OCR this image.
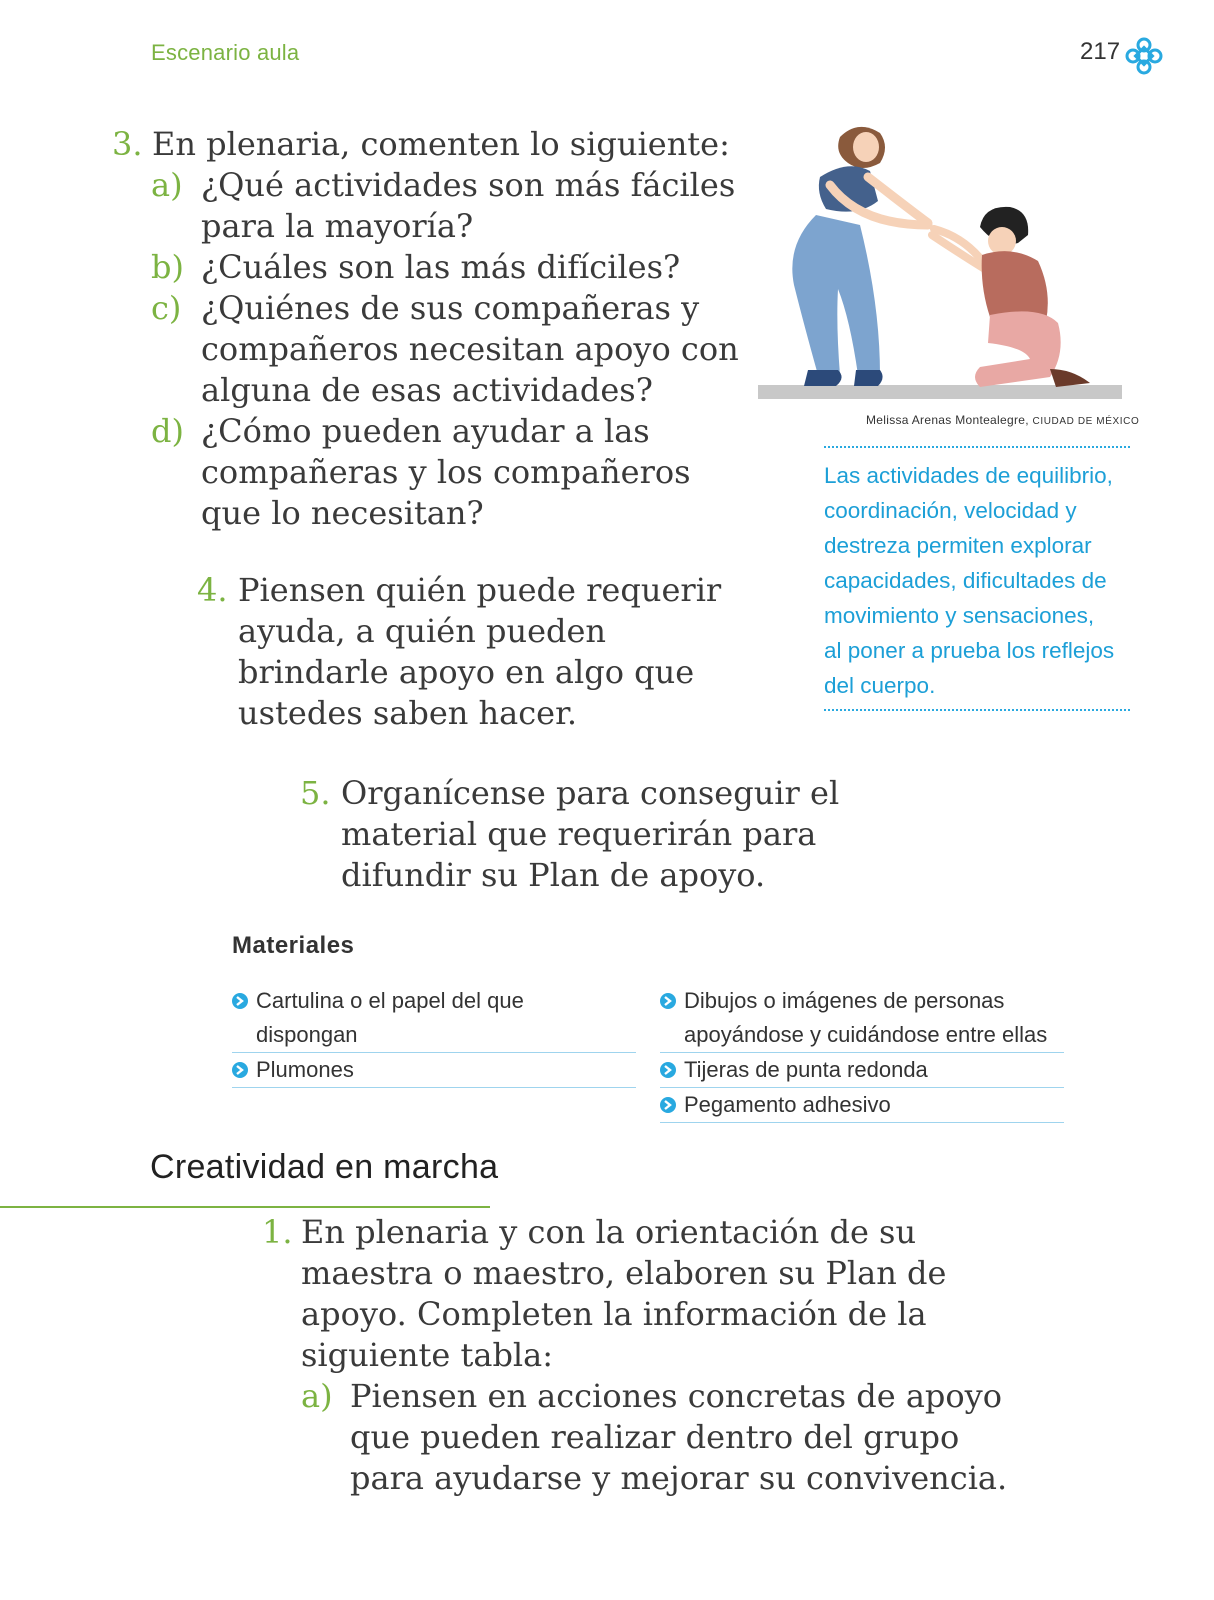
Escenario aula	217
3. En plenaria, comenten lo siguiente:
a) ¿Qué actividades son más fáciles
para la mayoría?
b) ¿Cuáles son las más difíciles?
c) ¿Quiénes de sus compañeras y
compañeros necesitan apoyo con
alguna de esas actividades?
d) ¿Cómo pueden ayudar a las
compañeras y los compañeros
que lo necesitan?
4. Piensen quién puede requerir
ayuda, a quién pueden
brindarle apoyo en algo que
ustedes saben hacer.
5. Organícense para conseguir el
material que requerirán para
difundir su Plan de apoyo.
Melissa Arenas Montealegre, CIUDAD DE MÉXICO
Las actividades de equilibrio,
coordinación, velocidad y
destreza permiten explorar
capacidades, dificultades de
movimiento y sensaciones,
al poner a prueba los reflejos
del cuerpo.
Materiales
Cartulina o el papel del que
dispongan
Plumones
Dibujos o imágenes de personas
apoyándose y cuidándose entre ellas
Tijeras de punta redonda
Pegamento adhesivo
Creatividad en marcha
1. En plenaria y con la orientación de su
maestra o maestro, elaboren su Plan de
apoyo. Completen la información de la
siguiente tabla:
a) Piensen en acciones concretas de apoyo
que pueden realizar dentro del grupo
para ayudarse y mejorar su convivencia.
